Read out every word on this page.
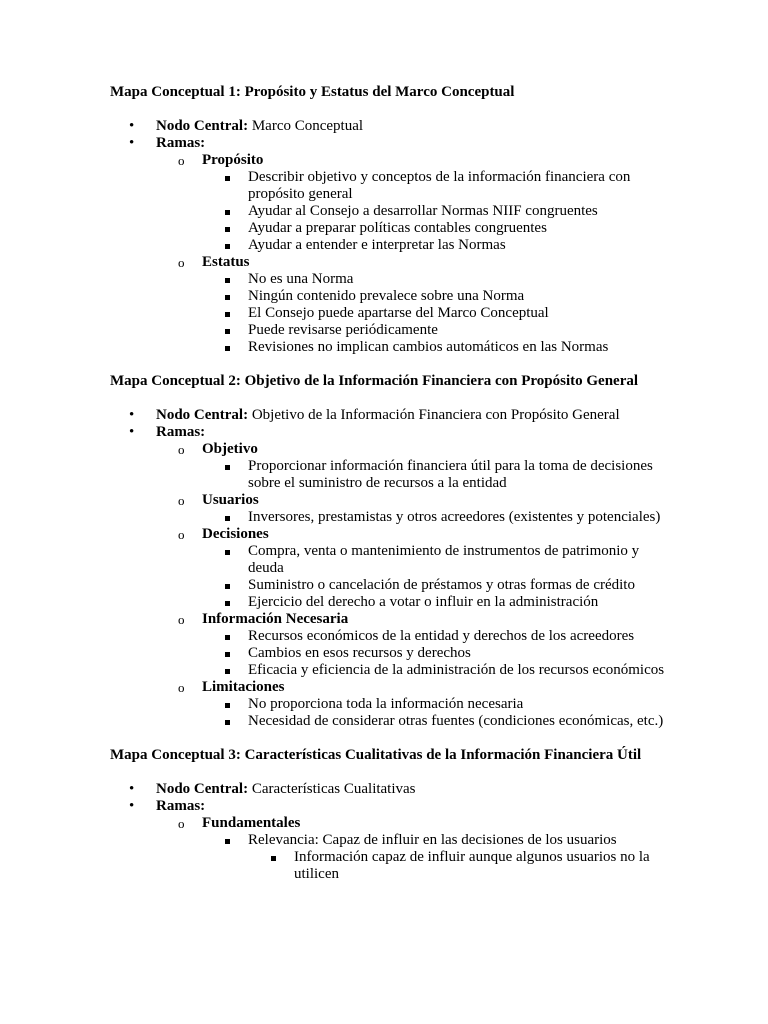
Mapa Conceptual 1: Propósito y Estatus del Marco Conceptual

• Nodo Central: Marco Conceptual
• Ramas:
o Propósito
Describir objetivo y conceptos de la información financiera con propósito general
Ayudar al Consejo a desarrollar Normas NIIF congruentes
Ayudar a preparar políticas contables congruentes
Ayudar a entender e interpretar las Normas
o Estatus
No es una Norma
Ningún contenido prevalece sobre una Norma
El Consejo puede apartarse del Marco Conceptual
Puede revisarse periódicamente
Revisiones no implican cambios automáticos en las Normas

Mapa Conceptual 2: Objetivo de la Información Financiera con Propósito General

• Nodo Central: Objetivo de la Información Financiera con Propósito General
• Ramas:
o Objetivo
Proporcionar información financiera útil para la toma de decisiones sobre el suministro de recursos a la entidad
o Usuarios
Inversores, prestamistas y otros acreedores (existentes y potenciales)
o Decisiones
Compra, venta o mantenimiento de instrumentos de patrimonio y deuda
Suministro o cancelación de préstamos y otras formas de crédito
Ejercicio del derecho a votar o influir en la administración
o Información Necesaria
Recursos económicos de la entidad y derechos de los acreedores
Cambios en esos recursos y derechos
Eficacia y eficiencia de la administración de los recursos económicos
o Limitaciones
No proporciona toda la información necesaria
Necesidad de considerar otras fuentes (condiciones económicas, etc.)

Mapa Conceptual 3: Características Cualitativas de la Información Financiera Útil

• Nodo Central: Características Cualitativas
• Ramas:
o Fundamentales
Relevancia: Capaz de influir en las decisiones de los usuarios
Información capaz de influir aunque algunos usuarios no la utilicen
